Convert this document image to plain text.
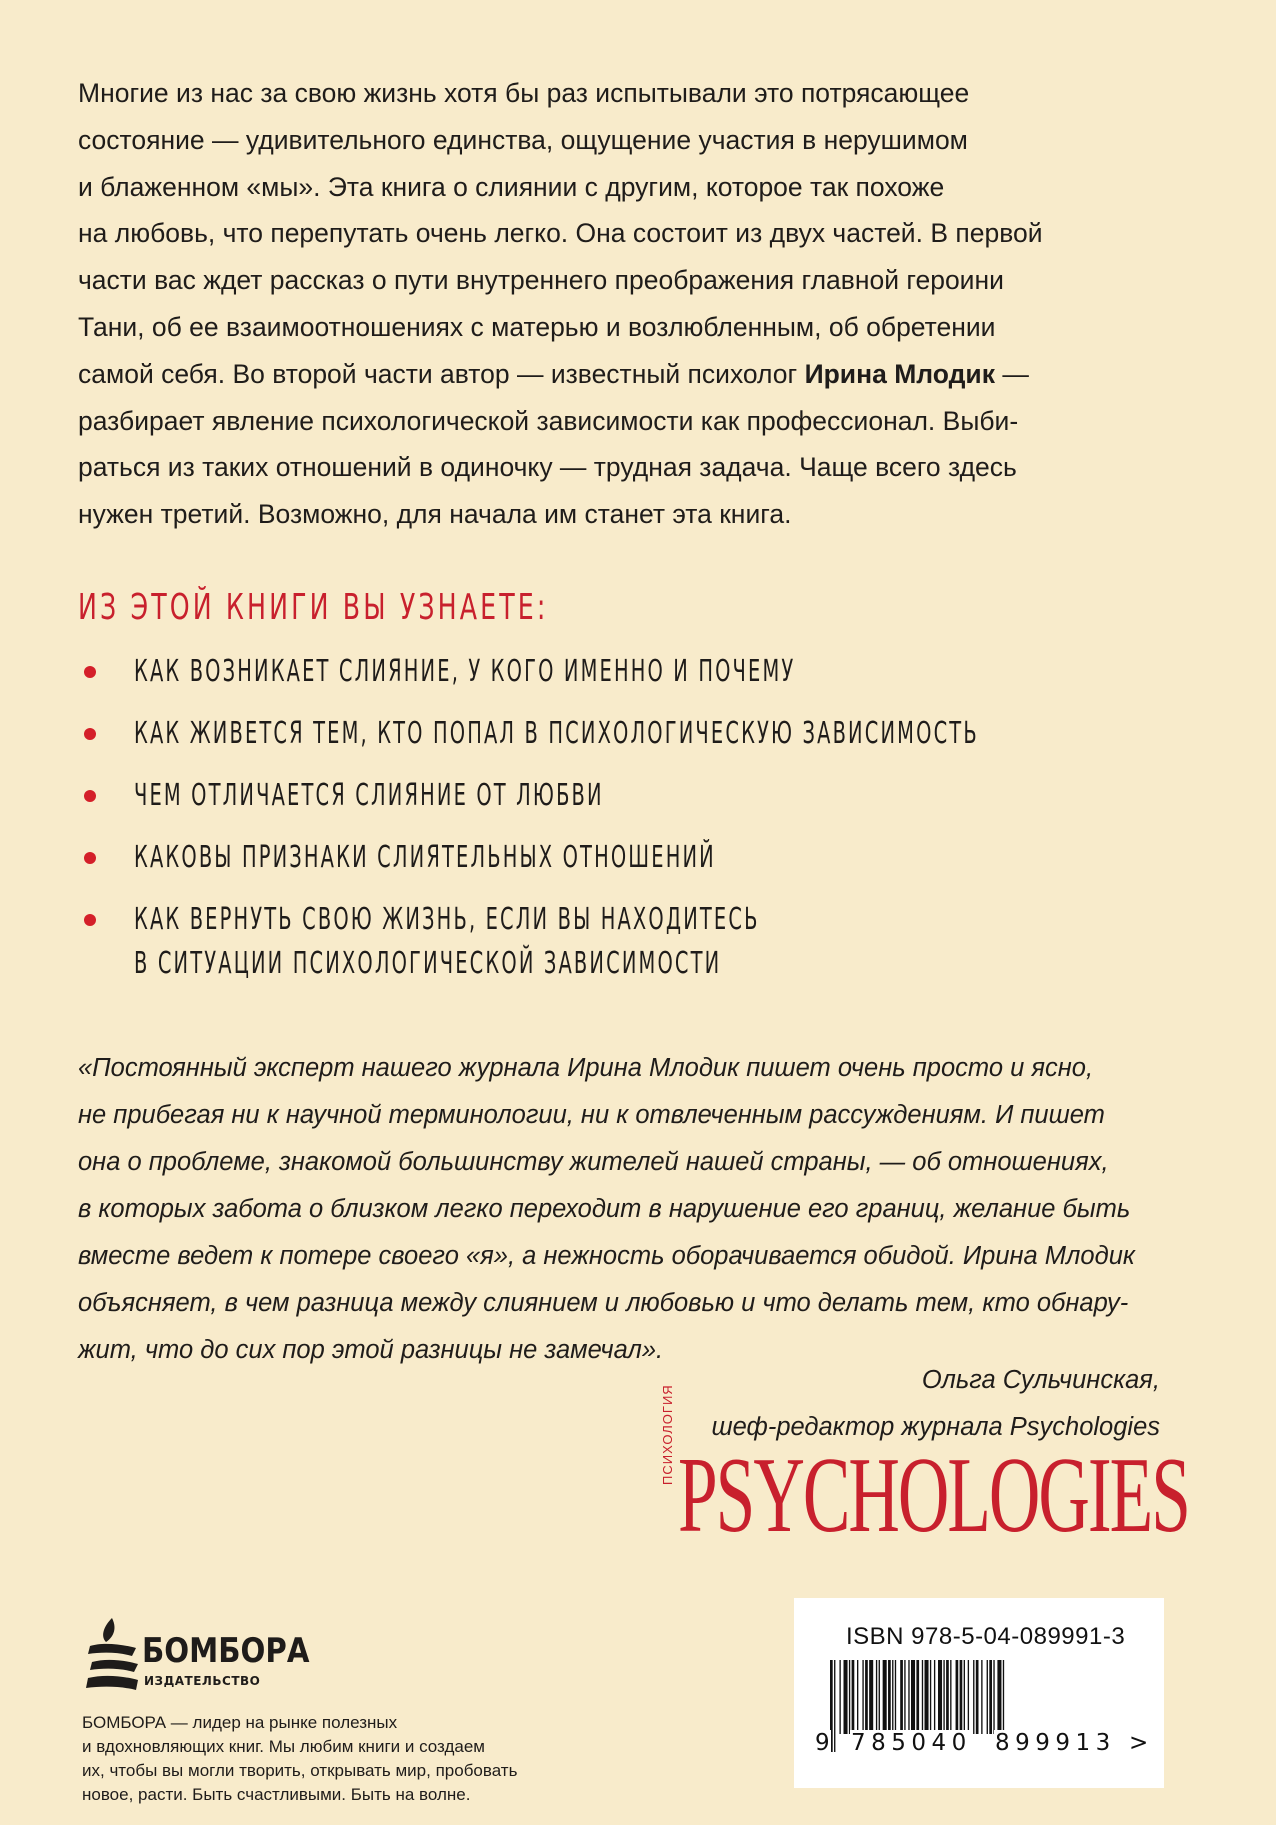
Многие из нас за свою жизнь хотя бы раз испытывали это потрясающее
состояние — удивительного единства, ощущение участия в нерушимом
и блаженном «мы». Эта книга о слиянии с другим, которое так похоже
на любовь, что перепутать очень легко. Она состоит из двух частей. В первой
части вас ждет рассказ о пути внутреннего преображения главной героини
Тани, об ее взаимоотношениях с матерью и возлюбленным, об обретении
самой себя. Во второй части автор — известный психолог Ирина Млодик —
разбирает явление психологической зависимости как профессионал. Выби-
раться из таких отношений в одиночку — трудная задача. Чаще всего здесь
нужен третий. Возможно, для начала им станет эта книга.
ИЗ ЭТОЙ КНИГИ ВЫ УЗНАЕТЕ:
КАК ВОЗНИКАЕТ СЛИЯНИЕ, У КОГО ИМЕННО И ПОЧЕМУ
КАК ЖИВЕТСЯ ТЕМ, КТО ПОПАЛ В ПСИХОЛОГИЧЕСКУЮ ЗАВИСИМОСТЬ
ЧЕМ ОТЛИЧАЕТСЯ СЛИЯНИЕ ОТ ЛЮБВИ
КАКОВЫ ПРИЗНАКИ СЛИЯТЕЛЬНЫХ ОТНОШЕНИЙ
КАК ВЕРНУТЬ СВОЮ ЖИЗНЬ, ЕСЛИ ВЫ НАХОДИТЕСЬ
В СИТУАЦИИ ПСИХОЛОГИЧЕСКОЙ ЗАВИСИМОСТИ
«Постоянный эксперт нашего журнала Ирина Млодик пишет очень просто и ясно,
не прибегая ни к научной терминологии, ни к отвлеченным рассуждениям. И пишет
она о проблеме, знакомой большинству жителей нашей страны, — об отношениях,
в которых забота о близком легко переходит в нарушение его границ, желание быть
вместе ведет к потере своего «я», а нежность оборачивается обидой. Ирина Млодик
объясняет, в чем разница между слиянием и любовью и что делать тем, кто обнару-
жит, что до сих пор этой разницы не замечал».
Ольга Сульчинская,
шеф-редактор журнала Psychologies
ПСИХОЛОГИЯ
PSYCHOLOGIES
БОМБОРА
ИЗДАТЕЛЬСТВО
БОМБОРА — лидер на рынке полезных
и вдохновляющих книг. Мы любим книги и создаем
их, чтобы вы могли творить, открывать мир, пробовать
новое, расти. Быть счастливыми. Быть на волне.
ISBN 978-5-04-089991-3
9 785040 899913 >
